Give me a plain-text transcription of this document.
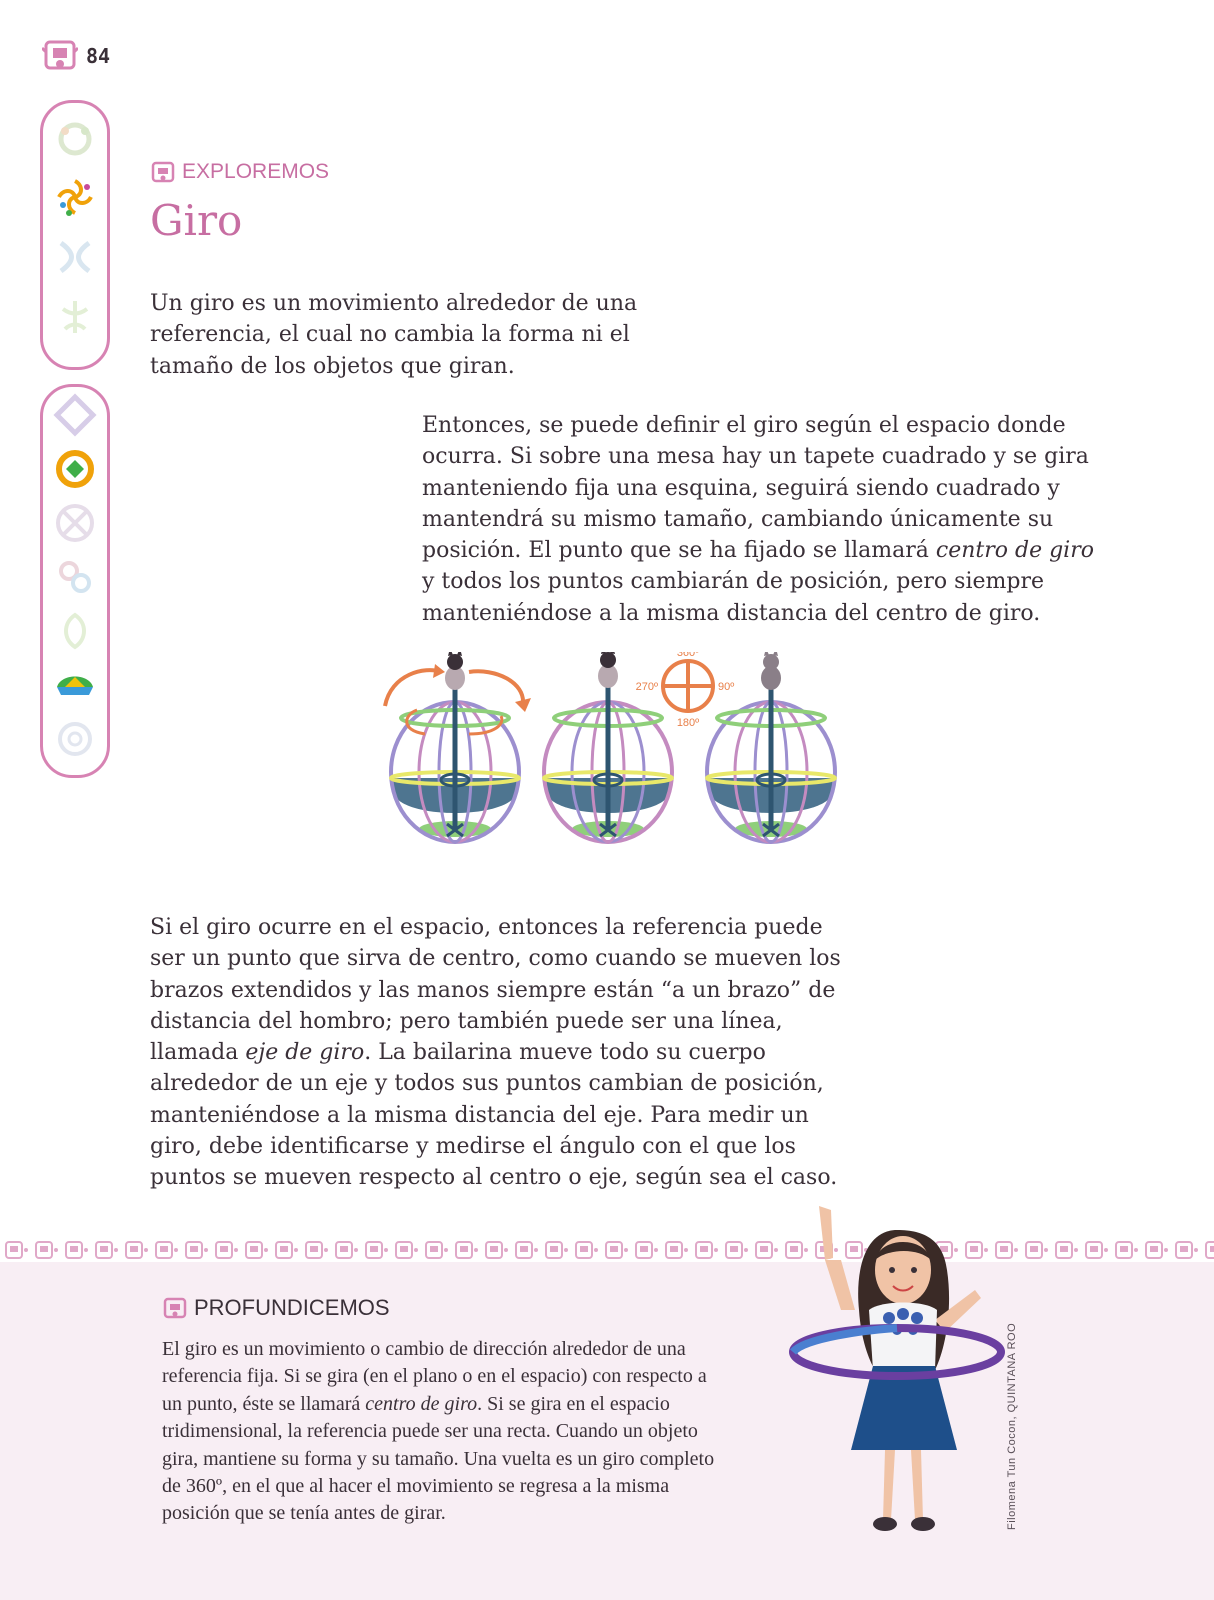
84
EXPLOREMOS
Giro

Un giro es un movimiento alrededor de una referencia, el cual no cambia la forma ni el tamaño de los objetos que giran.

Entonces, se puede definir el giro según el espacio donde ocurra. Si sobre una mesa hay un tapete cuadrado y se gira manteniendo fija una esquina, seguirá siendo cuadrado y mantendrá su mismo tamaño, cambiando únicamente su posición. El punto que se ha fijado se llamará centro de giro y todos los puntos cambiarán de posición, pero siempre manteniéndose a la misma distancia del centro de giro.

360º
90º
180º
270º

Si el giro ocurre en el espacio, entonces la referencia puede ser un punto que sirva de centro, como cuando se mueven los brazos extendidos y las manos siempre están “a un brazo” de distancia del hombro; pero también puede ser una línea, llamada eje de giro. La bailarina mueve todo su cuerpo alrededor de un eje y todos sus puntos cambian de posición, manteniéndose a la misma distancia del eje. Para medir un giro, debe identificarse y medirse el ángulo con el que los puntos se mueven respecto al centro o eje, según sea el caso.

PROFUNDICEMOS

El giro es un movimiento o cambio de dirección alrededor de una referencia fija. Si se gira (en el plano o en el espacio) con respecto a un punto, éste se llamará centro de giro. Si se gira en el espacio tridimensional, la referencia puede ser una recta. Cuando un objeto gira, mantiene su forma y su tamaño. Una vuelta es un giro completo de 360º, en el que al hacer el movimiento se regresa a la misma posición que se tenía antes de girar.	Filomena Tun Cocon, QUINTANA ROO
